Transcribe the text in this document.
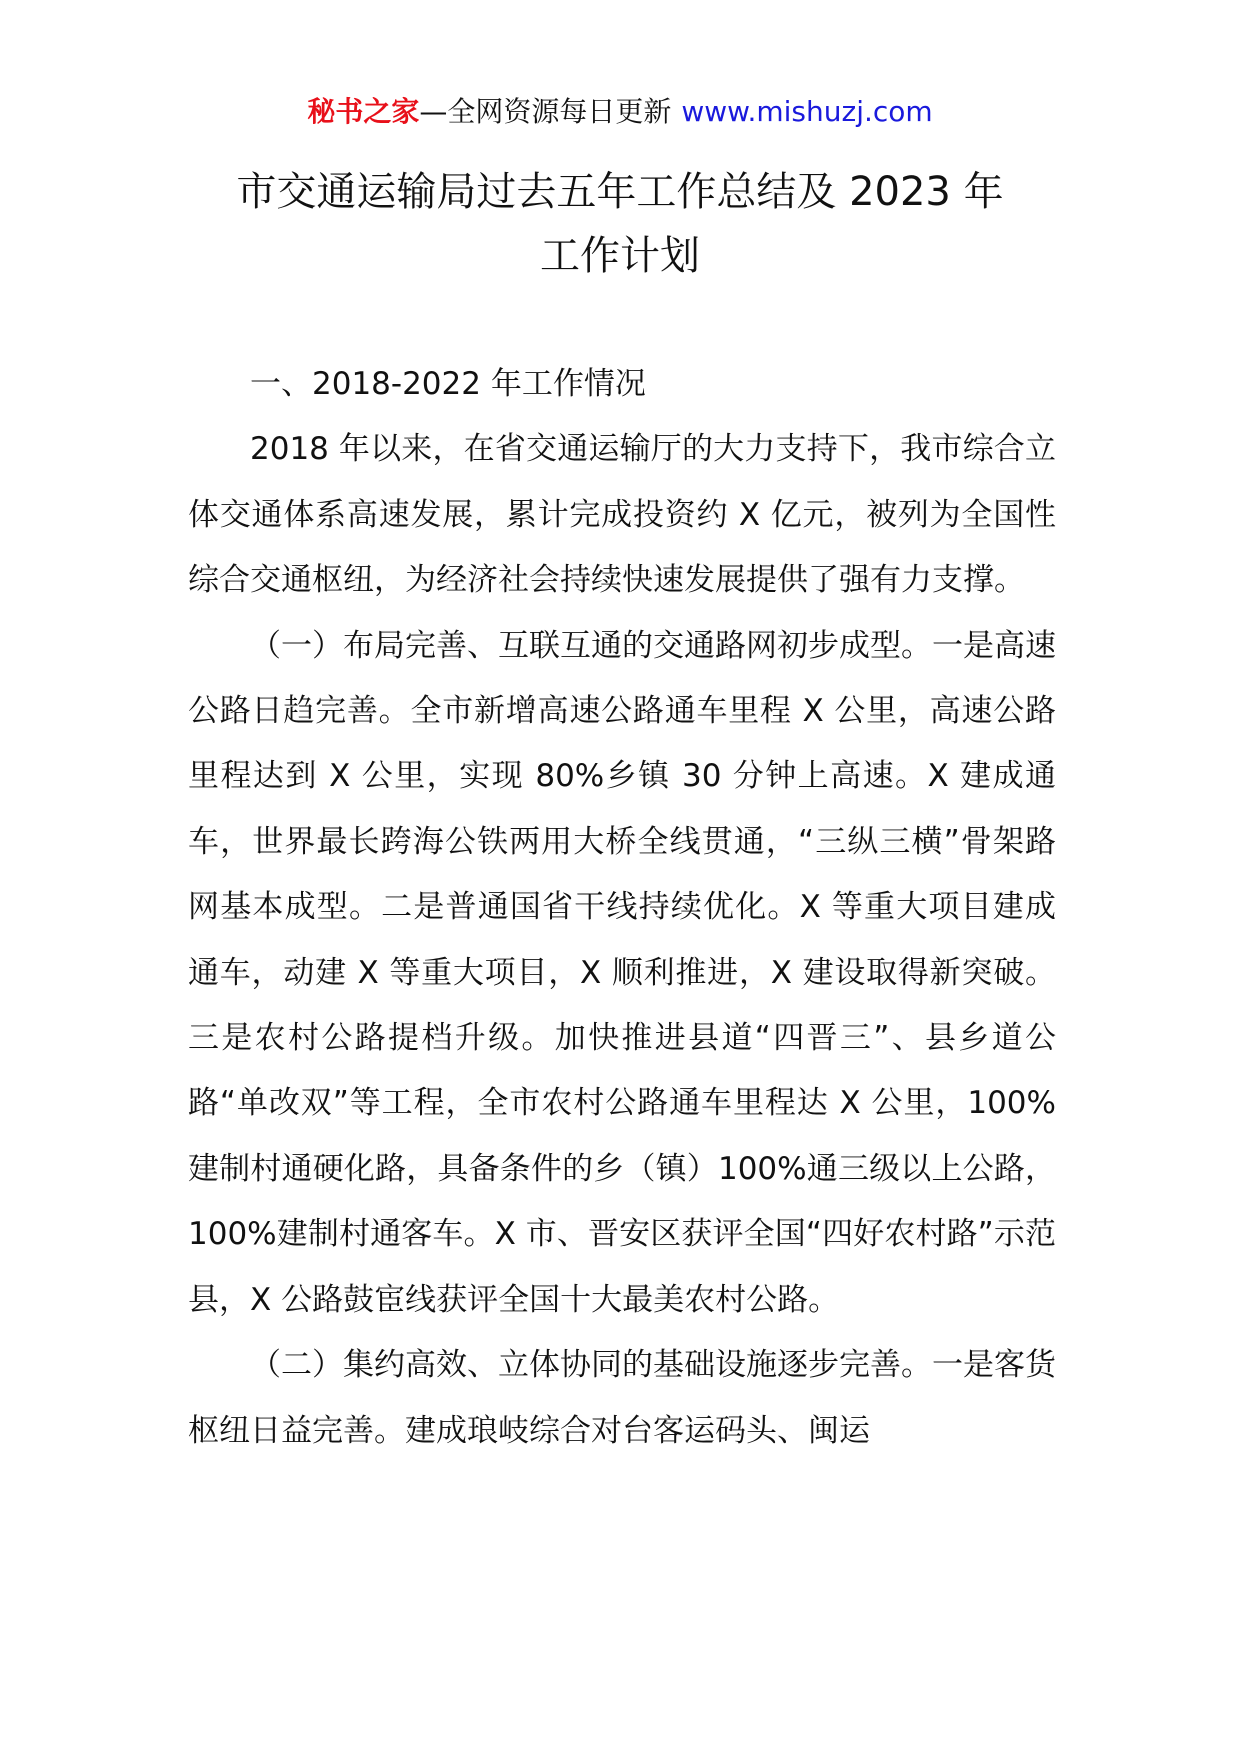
秘书之家—全网资源每日更新 www.mishuzj.com
市交通运输局过去五年工作总结及 2023 年
工作计划

一、2018-2022 年工作情况

2018 年以来，在省交通运输厅的大力支持下，我市综合立体交通体系高速发展，累计完成投资约 X 亿元，被列为全国性综合交通枢纽，为经济社会持续快速发展提供了强有力支撑。

（一）布局完善、互联互通的交通路网初步成型。一是高速公路日趋完善。全市新增高速公路通车里程 X 公里，高速公路里程达到 X 公里，实现 80%乡镇 30 分钟上高速。X 建成通车，世界最长跨海公铁两用大桥全线贯通，“三纵三横”骨架路网基本成型。二是普通国省干线持续优化。X 等重大项目建成通车，动建 X 等重大项目，X 顺利推进，X 建设取得新突破。三是农村公路提档升级。加快推进县道“四晋三”、县乡道公路“单改双”等工程，全市农村公路通车里程达 X 公里，100%建制村通硬化路，具备条件的乡（镇）100%通三级以上公路，100%建制村通客车。X 市、晋安区获评全国“四好农村路”示范县，X 公路鼓宦线获评全国十大最美农村公路。

（二）集约高效、立体协同的基础设施逐步完善。一是客货枢纽日益完善。建成琅岐综合对台客运码头、闽运
